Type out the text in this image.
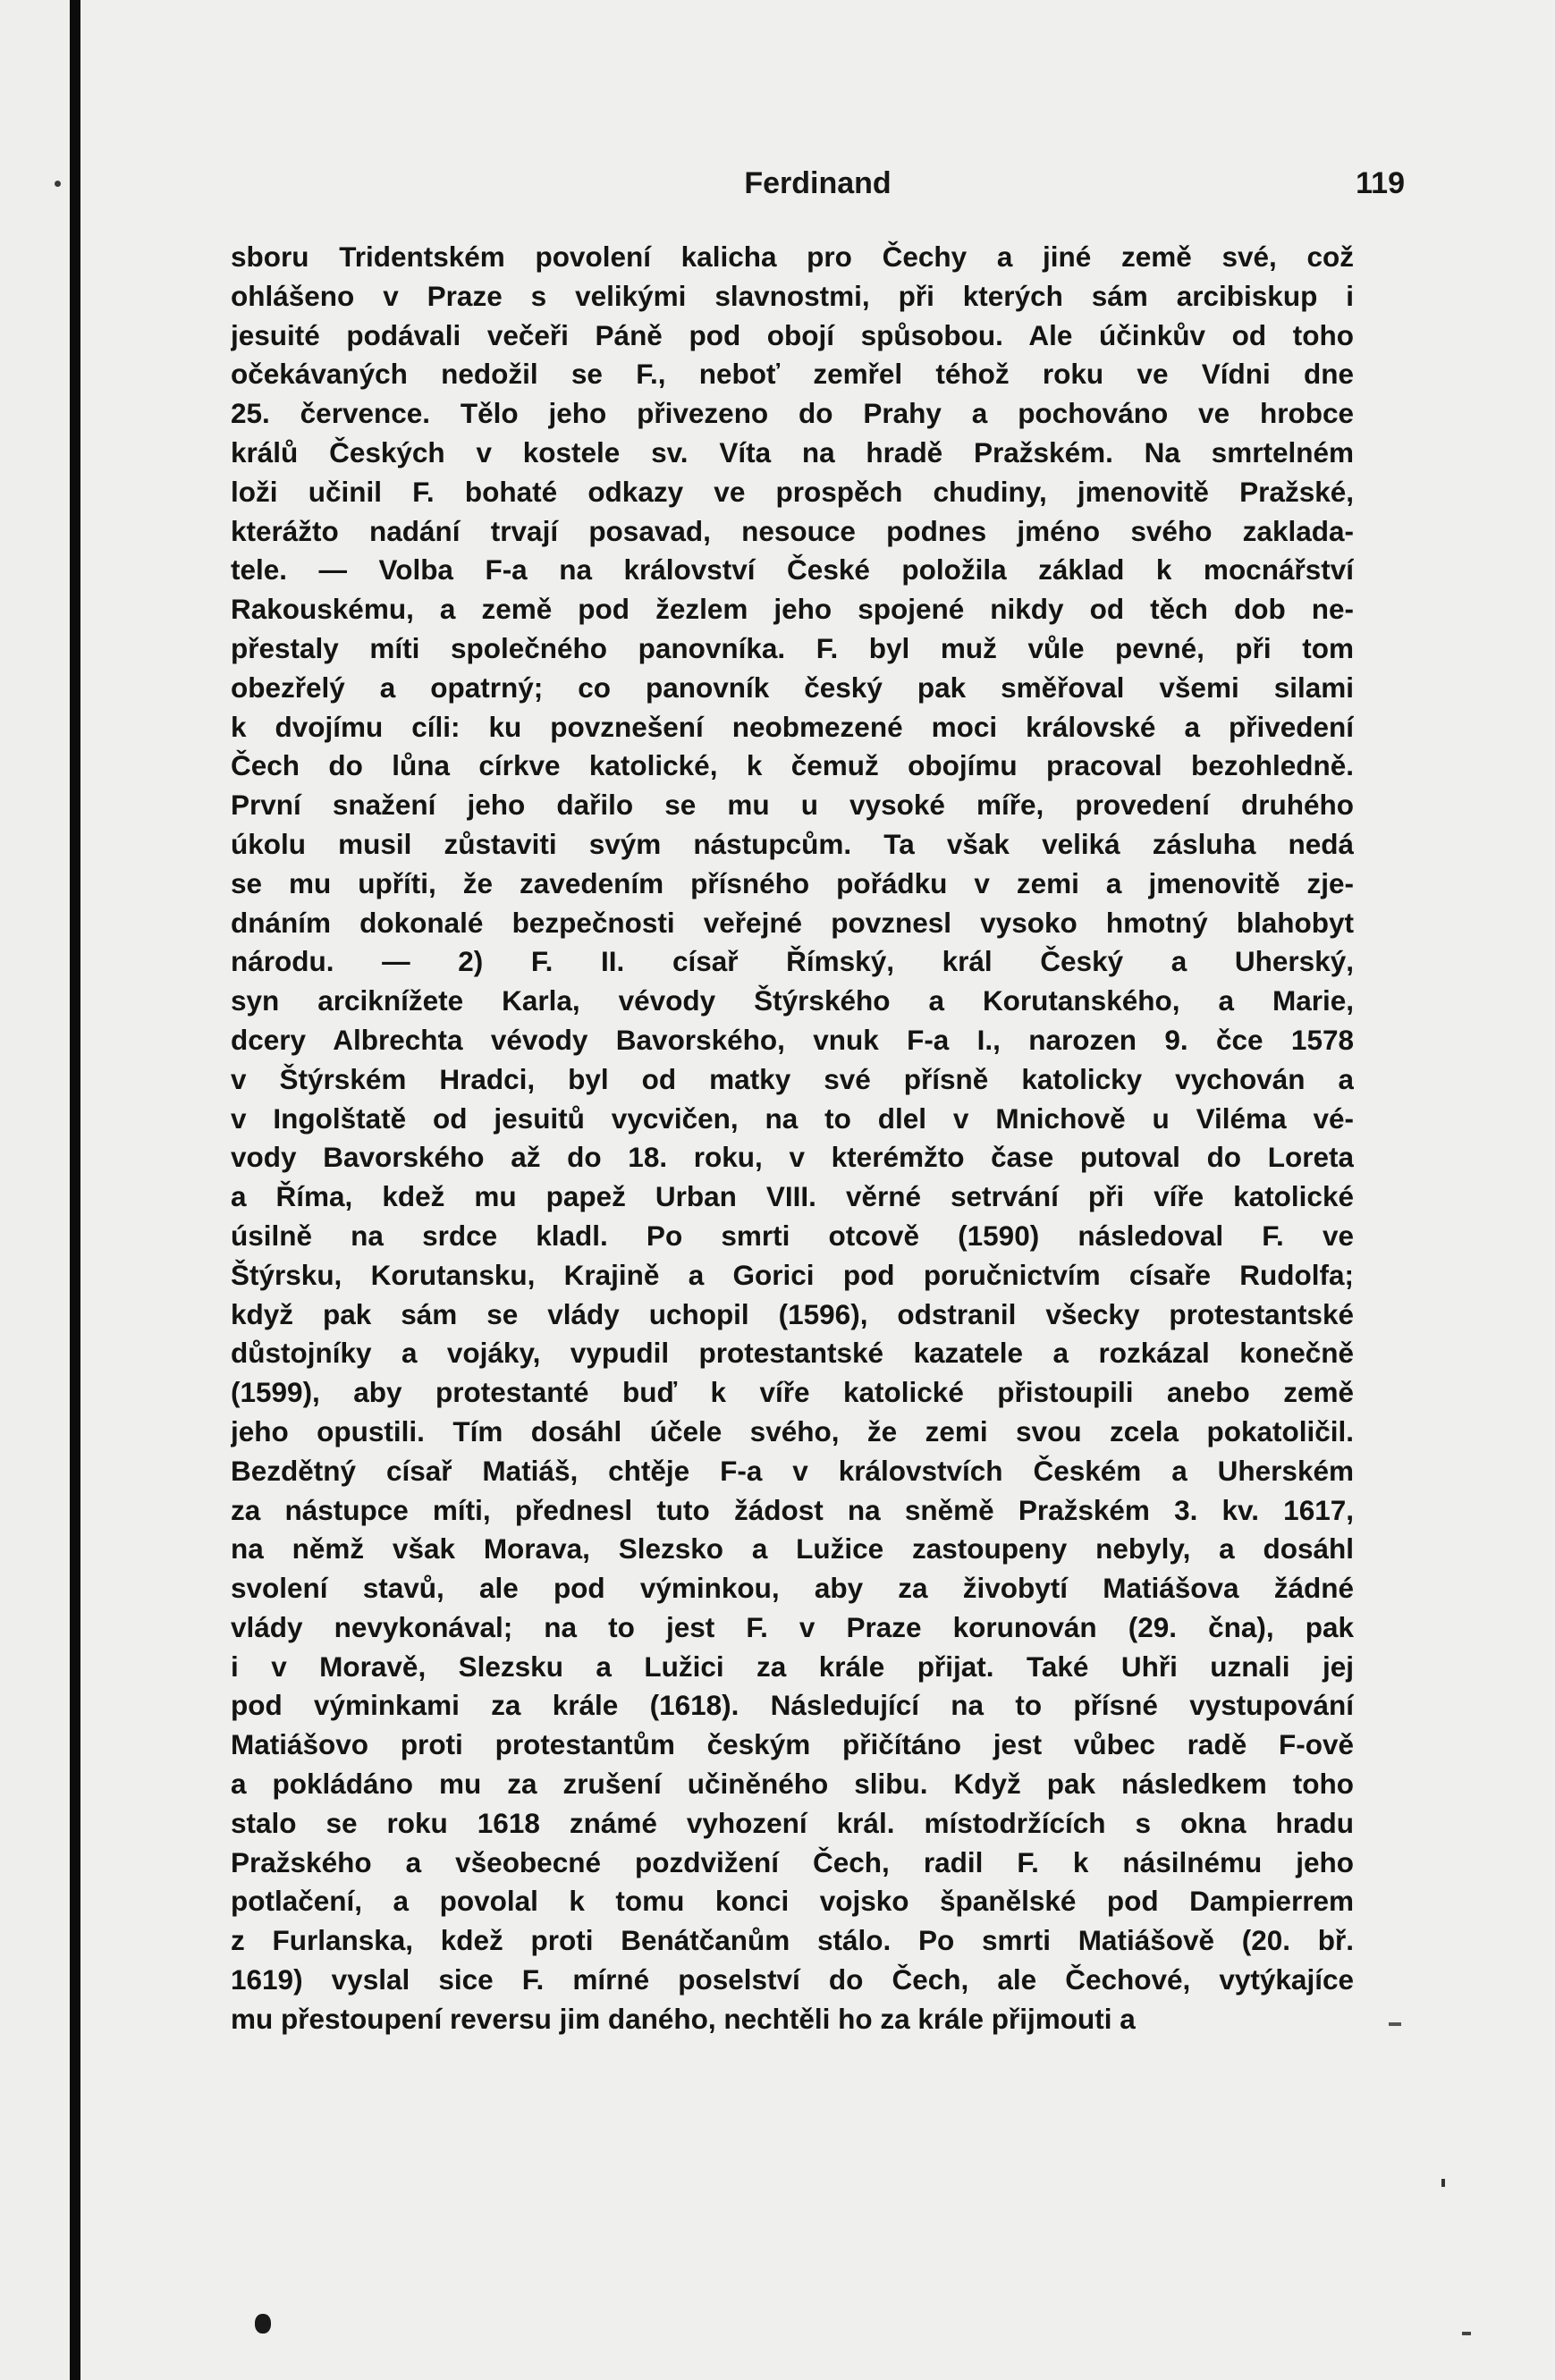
Ferdinand	119
sboru Tridentském povolení kalicha pro Čechy a jiné země své, což
ohlášeno v Praze s velikými slavnostmi, při kterých sám arcibiskup i
jesuité podávali večeři Páně pod obojí spůsobou. Ale účinkův od toho
očekávaných nedožil se F., neboť zemřel téhož roku ve Vídni dne
25. července. Tělo jeho přivezeno do Prahy a pochováno ve hrobce
králů Českých v kostele sv. Víta na hradě Pražském. Na smrtelném
loži učinil F. bohaté odkazy ve prospěch chudiny, jmenovitě Pražské,
kterážto nadání trvají posavad, nesouce podnes jméno svého zaklada-
tele. — Volba F-a na království České položila základ k mocnářství
Rakouskému, a země pod žezlem jeho spojené nikdy od těch dob ne-
přestaly míti společného panovníka. F. byl muž vůle pevné, při tom
obezřelý a opatrný; co panovník český pak směřoval všemi silami
k dvojímu cíli: ku povznešení neobmezené moci královské a přivedení
Čech do lůna církve katolické, k čemuž obojímu pracoval bezohledně.
První snažení jeho dařilo se mu u vysoké míře, provedení druhého
úkolu musil zůstaviti svým nástupcům. Ta však veliká zásluha nedá
se mu upříti, že zavedením přísného pořádku v zemi a jmenovitě zje-
dnáním dokonalé bezpečnosti veřejné povznesl vysoko hmotný blahobyt
národu. — 2) F. II. císař Římský, král Český a Uherský,
syn arciknížete Karla, vévody Štýrského a Korutanského, a Marie,
dcery Albrechta vévody Bavorského, vnuk F-a I., narozen 9. čce 1578
v Štýrském Hradci, byl od matky své přísně katolicky vychován a
v Ingolštatě od jesuitů vycvičen, na to dlel v Mnichově u Viléma vé-
vody Bavorského až do 18. roku, v kterémžto čase putoval do Loreta
a Říma, kdež mu papež Urban VIII. věrné setrvání při víře katolické
úsilně na srdce kladl. Po smrti otcově (1590) následoval F. ve
Štýrsku, Korutansku, Krajině a Gorici pod poručnictvím císaře Rudolfa;
když pak sám se vlády uchopil (1596), odstranil všecky protestantské
důstojníky a vojáky, vypudil protestantské kazatele a rozkázal konečně
(1599), aby protestanté buď k víře katolické přistoupili anebo země
jeho opustili. Tím dosáhl účele svého, že zemi svou zcela pokatoličil.
Bezdětný císař Matiáš, chtěje F-a v královstvích Českém a Uherském
za nástupce míti, přednesl tuto žádost na sněmě Pražském 3. kv. 1617,
na němž však Morava, Slezsko a Lužice zastoupeny nebyly, a dosáhl
svolení stavů, ale pod výminkou, aby za živobytí Matiášova žádné
vlády nevykonával; na to jest F. v Praze korunován (29. čna), pak
i v Moravě, Slezsku a Lužici za krále přijat. Také Uhři uznali jej
pod výminkami za krále (1618). Následující na to přísné vystupování
Matiášovo proti protestantům českým přičítáno jest vůbec radě F-ově
a pokládáno mu za zrušení učiněného slibu. Když pak následkem toho
stalo se roku 1618 známé vyhození král. místodržících s okna hradu
Pražského a všeobecné pozdvižení Čech, radil F. k násilnému jeho
potlačení, a povolal k tomu konci vojsko španělské pod Dampierrem
z Furlanska, kdež proti Benátčanům stálo. Po smrti Matiášově (20. bř.
1619) vyslal sice F. mírné poselství do Čech, ale Čechové, vytýkajíce
mu přestoupení reversu jim daného, nechtěli ho za krále přijmouti a
